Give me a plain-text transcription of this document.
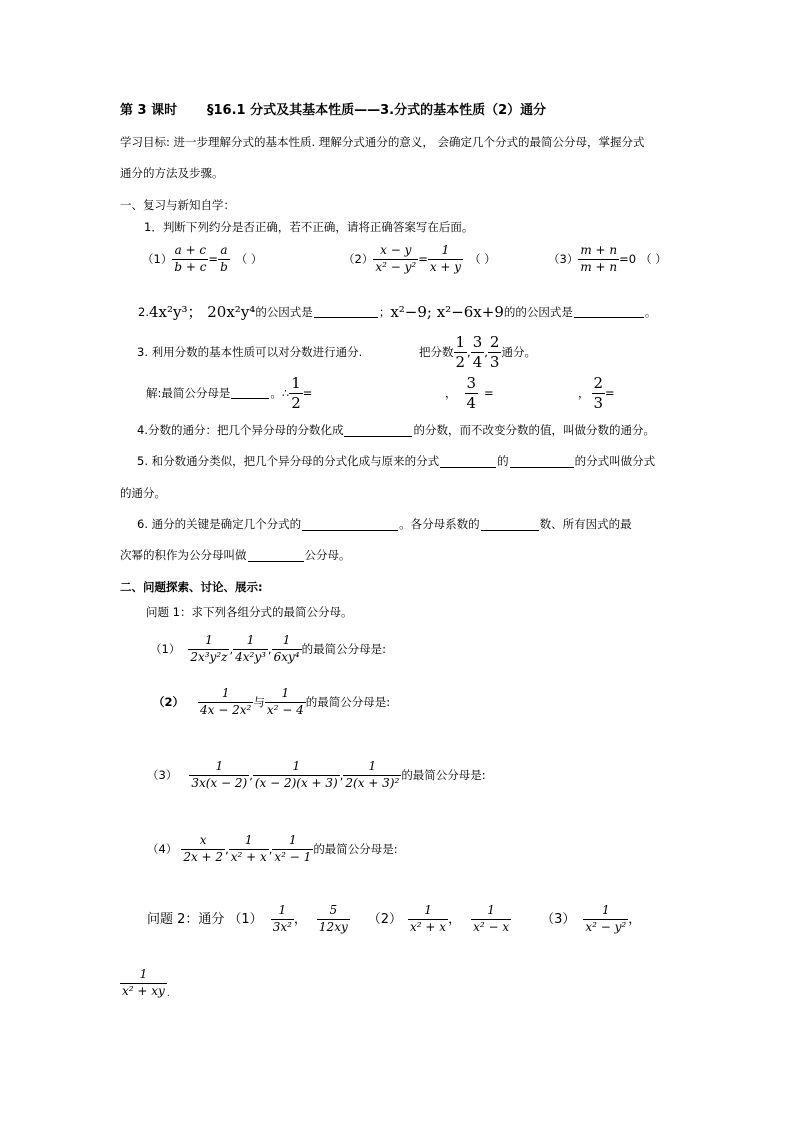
第 3 课时 §16.1 分式及其基本性质——3.分式的基本性质（2）通分
学习目标: 进一步理解分式的基本性质. 理解分式通分的意义， 会确定几个分式的最简公分母，掌握分式
通分的方法及步骤。
一、复习与新知自学：
1．判断下列约分是否正确，若不正确，请将正确答案写在后面。
$(1) \frac{a + c}{b + c} = \frac{a}{b}$ （ ）	$(2) \frac{x - y}{\text{x² − y²}} = \frac{1}{x + y}$ （ ）	$(3) \frac{m + n}{m + n} =0$ （ ）
2. 4x²y³； 20x²y⁴ 的公因式是	； x²−9; x²−6x+9 的的公因式是	。
3. 利用分数的基本性质可以对分数进行通分.	把分数 $\frac{1}{2}$ , $\frac{3}{4}$ , $\frac{2}{3}$ 通分。
解:最简公分母是	。∴ $\frac{1}{2}$ =	， $\frac{3}{4}$ =	， $\frac{2}{3}$ =
4. 分数的通分：把几个异分母的分数化成	的分数，而不改变分数的值，叫做分数的通分。
5. 和分数通分类似，把几个异分母的分式化成与原来的分式	的	的分式叫做分式
的通分。
6. 通分的关键是确定几个分式的	。各分母系数的	数、所有因式的最
次幂的积作为公分母叫做	公分母。
二、问题探索、讨论、展示:
问题 1：求下列各组分式的最简公分母。
$(1) \frac{1}{\text{2x³y²z}}$ , $\frac{1}{\text{4x²y³}}$ , $\frac{1}{\text{6xy⁴}}$ 的最简公分母是:
$(2) \frac{1}{\text{4x − 2x²}}$ 与 $\frac{1}{\text{x² − 4}}$ 的最简公分母是:
$(3) \frac{1}{3x(x - 2)}$ , $\frac{1}{(x - 2)(x + 3)}$ , $\frac{1}{\text{2(x + 3)²}}$ 的最简公分母是:
$(4) \frac{x}{2x + 2}$ , $\frac{1}{\text{x² + x}}$ , $\frac{1}{\text{x² − 1}}$ 的最简公分母是:
问题 2：通分 $(1) \frac{1}{\text{3x²}}$ ， $\frac{5}{12xy} (2) \frac{1}{\text{x² + x}}$ ， $\frac{1}{\text{x² − x}} (3) \frac{1}{\text{x² − y²}}$ ，
$\frac{1}{\text{x² + xy}}$ .
